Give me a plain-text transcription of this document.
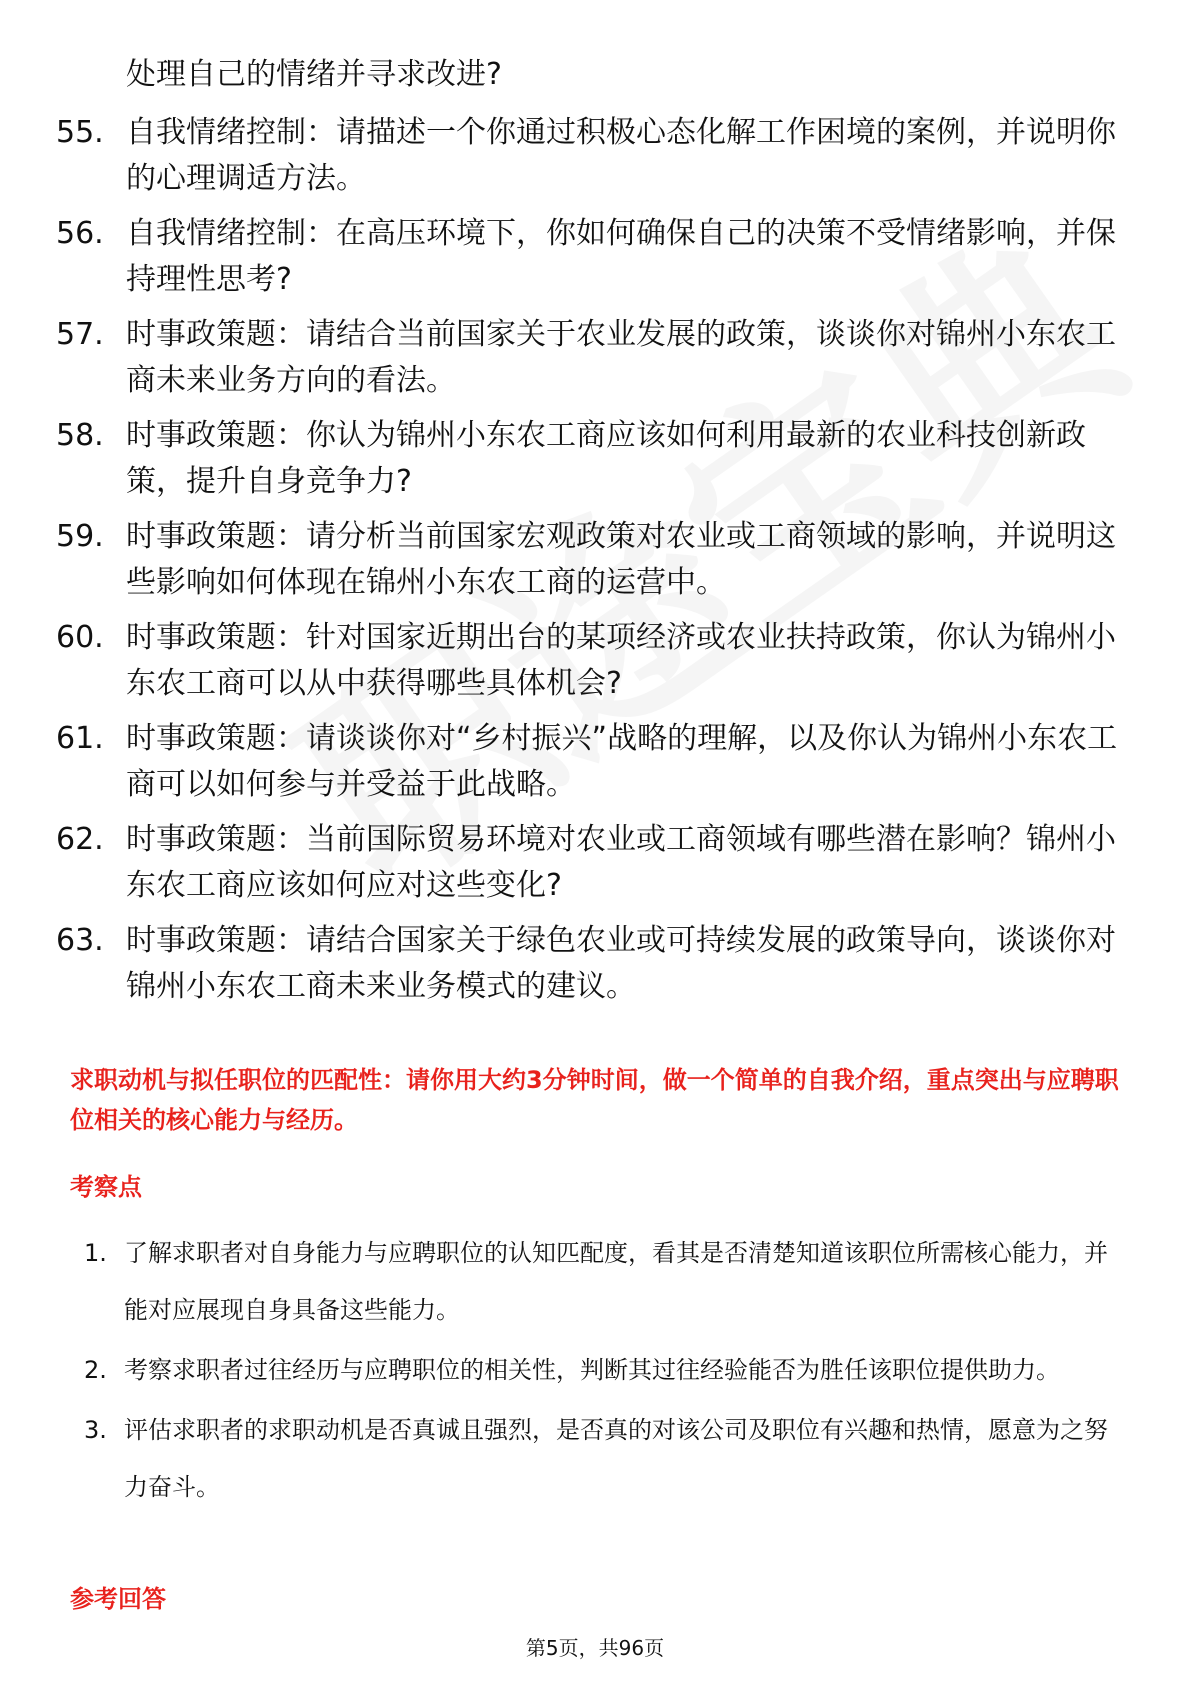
处理自己的情绪并寻求改进?
55. 自我情绪控制：请描述一个你通过积极心态化解工作困境的案例，并说明你的心理调适方法。
56. 自我情绪控制：在高压环境下，你如何确保自己的决策不受情绪影响，并保持理性思考?
57. 时事政策题：请结合当前国家关于农业发展的政策，谈谈你对锦州小东农工商未来业务方向的看法。
58. 时事政策题：你认为锦州小东农工商应该如何利用最新的农业科技创新政策，提升自身竞争力?
59. 时事政策题：请分析当前国家宏观政策对农业或工商领域的影响，并说明这些影响如何体现在锦州小东农工商的运营中。
60. 时事政策题：针对国家近期出台的某项经济或农业扶持政策，你认为锦州小东农工商可以从中获得哪些具体机会?
61. 时事政策题：请谈谈你对“乡村振兴”战略的理解，以及你认为锦州小东农工商可以如何参与并受益于此战略。
62. 时事政策题：当前国际贸易环境对农业或工商领域有哪些潜在影响？锦州小东农工商应该如何应对这些变化?
63. 时事政策题：请结合国家关于绿色农业或可持续发展的政策导向，谈谈你对锦州小东农工商未来业务模式的建议。
求职动机与拟任职位的匹配性：请你用大约3分钟时间，做一个简单的自我介绍，重点突出与应聘职位相关的核心能力与经历。
考察点
1. 了解求职者对自身能力与应聘职位的认知匹配度，看其是否清楚知道该职位所需核心能力，并能对应展现自身具备这些能力。
2. 考察求职者过往经历与应聘职位的相关性，判断其过往经验能否为胜任该职位提供助力。
3. 评估求职者的求职动机是否真诚且强烈，是否真的对该公司及职位有兴趣和热情，愿意为之努力奋斗。
参考回答
第5页，共96页
